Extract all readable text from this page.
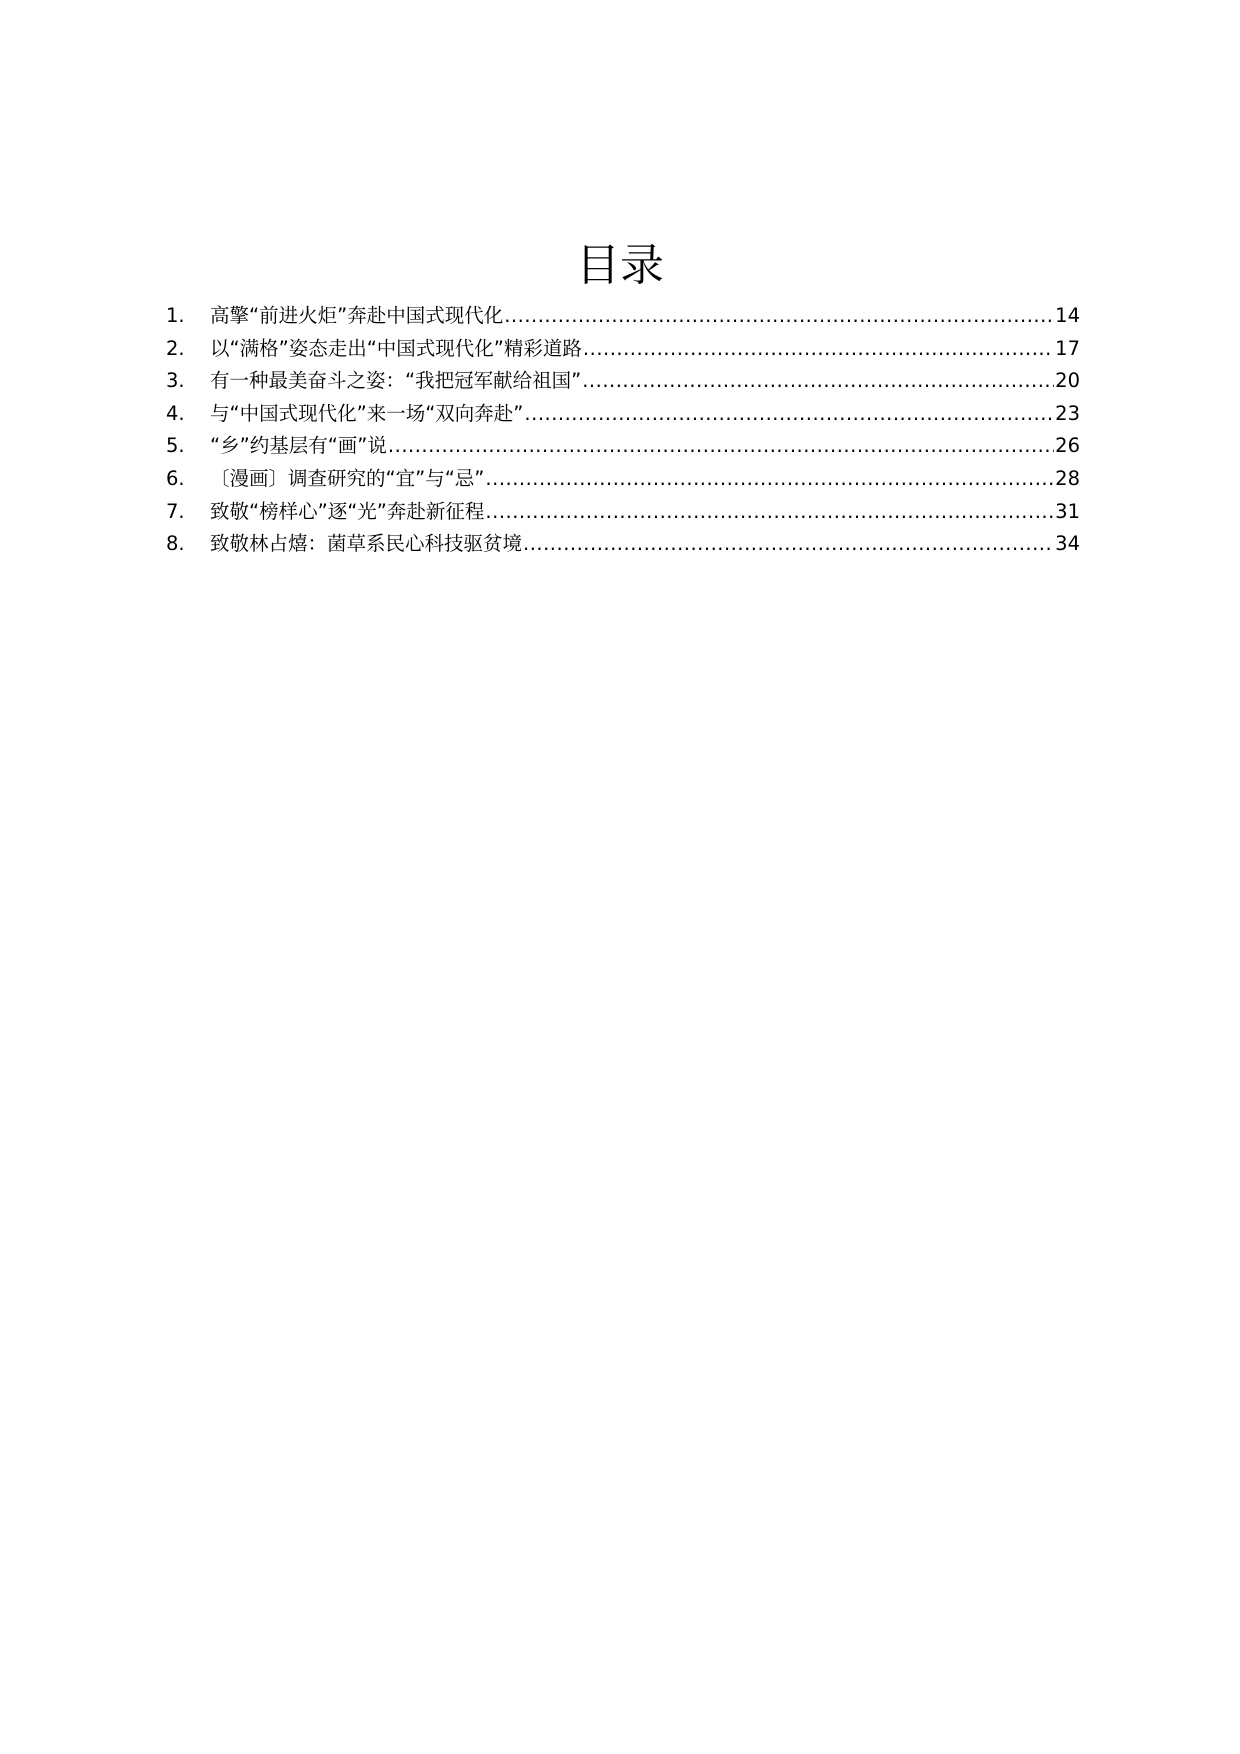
目录
1.	高擎“前进火炬”奔赴中国式现代化 .....	14
2.	以“满格”姿态走出“中国式现代化”精彩道路 .....	17
3.	有一种最美奋斗之姿：“我把冠军献给祖国” .....	20
4.	与“中国式现代化”来一场“双向奔赴” .....	23
5.	“乡”约基层有“画”说 .....	26
6.	〔漫画〕调查研究的“宜”与“忌” .....	28
7.	致敬“榜样心”逐“光”奔赴新征程 .....	31
8.	致敬林占熺：菌草系民心科技驱贫境 .....	34
